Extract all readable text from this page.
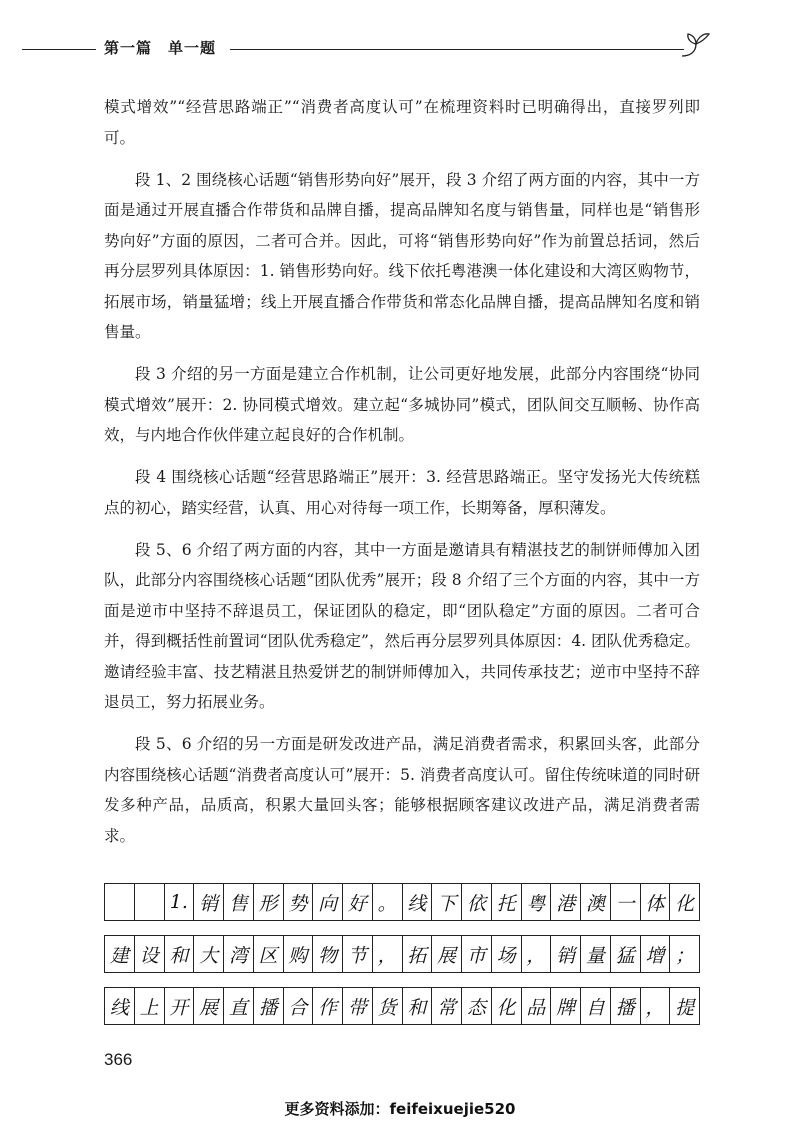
第一篇　单一题

模式增效”“经营思路端正”“消费者高度认可”在梳理资料时已明确得出，直接罗列即可。

段 1、2 围绕核心话题“销售形势向好”展开，段 3 介绍了两方面的内容，其中一方面是通过开展直播合作带货和品牌自播，提高品牌知名度与销售量，同样也是“销售形势向好”方面的原因，二者可合并。因此，可将“销售形势向好”作为前置总括词，然后再分层罗列具体原因：1. 销售形势向好。线下依托粤港澳一体化建设和大湾区购物节，拓展市场，销量猛增；线上开展直播合作带货和常态化品牌自播，提高品牌知名度和销售量。

段 3 介绍的另一方面是建立合作机制，让公司更好地发展，此部分内容围绕“协同模式增效”展开：2. 协同模式增效。建立起“多城协同”模式，团队间交互顺畅、协作高效，与内地合作伙伴建立起良好的合作机制。

段 4 围绕核心话题“经营思路端正”展开：3. 经营思路端正。坚守发扬光大传统糕点的初心，踏实经营，认真、用心对待每一项工作，长期筹备，厚积薄发。

段 5、6 介绍了两方面的内容，其中一方面是邀请具有精湛技艺的制饼师傅加入团队，此部分内容围绕核心话题“团队优秀”展开；段 8 介绍了三个方面的内容，其中一方面是逆市中坚持不辞退员工，保证团队的稳定，即“团队稳定”方面的原因。二者可合并，得到概括性前置词“团队优秀稳定”，然后再分层罗列具体原因：4. 团队优秀稳定。邀请经验丰富、技艺精湛且热爱饼艺的制饼师傅加入，共同传承技艺；逆市中坚持不辞退员工，努力拓展业务。

段 5、6 介绍的另一方面是研发改进产品，满足消费者需求，积累回头客，此部分内容围绕核心话题“消费者高度认可”展开：5. 消费者高度认可。留住传统味道的同时研发多种产品，品质高，积累大量回头客；能够根据顾客建议改进产品，满足消费者需求。

1. 销 售 形 势 向 好 。 线 下 依 托 粤 港 澳 一 体 化
建 设 和 大 湾 区 购 物 节 ， 拓 展 市 场 ， 销 量 猛 增 ；
线 上 开 展 直 播 合 作 带 货 和 常 态 化 品 牌 自 播 ， 提
366
更多资料添加：feifeixuejie520
